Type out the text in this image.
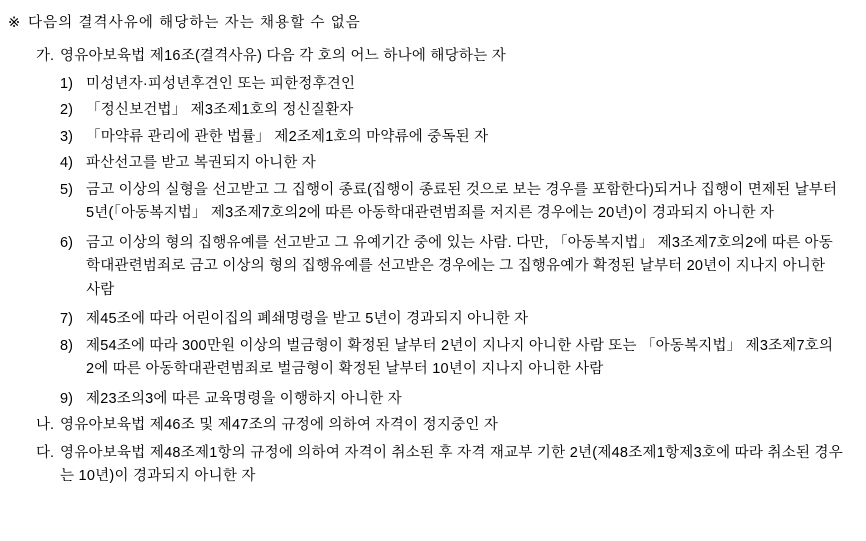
※ 다음의 결격사유에 해당하는 자는 채용할 수 없음
가. 영유아보육법 제16조(결격사유) 다음 각 호의 어느 하나에 해당하는 자
1) 미성년자·피성년후견인 또는 피한정후견인
2) 「정신보건법」 제3조제1호의 정신질환자
3) 「마약류 관리에 관한 법률」 제2조제1호의 마약류에 중독된 자
4) 파산선고를 받고 복권되지 아니한 자
5) 금고 이상의 실형을 선고받고 그 집행이 종료(집행이 종료된 것으로 보는 경우를 포함한다)되거나 집행이 면제된 날부터 5년(「아동복지법」 제3조제7호의2에 따른 아동학대관련범죄를 저지른 경우에는 20년)이 경과되지 아니한 자
6) 금고 이상의 형의 집행유예를 선고받고 그 유예기간 중에 있는 사람. 다만, 「아동복지법」 제3조제7호의2에 따른 아동학대관련범죄로 금고 이상의 형의 집행유예를 선고받은 경우에는 그 집행유예가 확정된 날부터 20년이 지나지 아니한 사람
7) 제45조에 따라 어린이집의 폐쇄명령을 받고 5년이 경과되지 아니한 자
8) 제54조에 따라 300만원 이상의 벌금형이 확정된 날부터 2년이 지나지 아니한 사람 또는 「아동복지법」 제3조제7호의2에 따른 아동학대관련범죄로 벌금형이 확정된 날부터 10년이 지나지 아니한 사람
9) 제23조의3에 따른 교육명령을 이행하지 아니한 자
나. 영유아보육법 제46조 및 제47조의 규정에 의하여 자격이 정지중인 자
다. 영유아보육법 제48조제1항의 규정에 의하여 자격이 취소된 후 자격 재교부 기한 2년(제48조제1항제3호에 따라 취소된 경우는 10년)이 경과되지 아니한 자
